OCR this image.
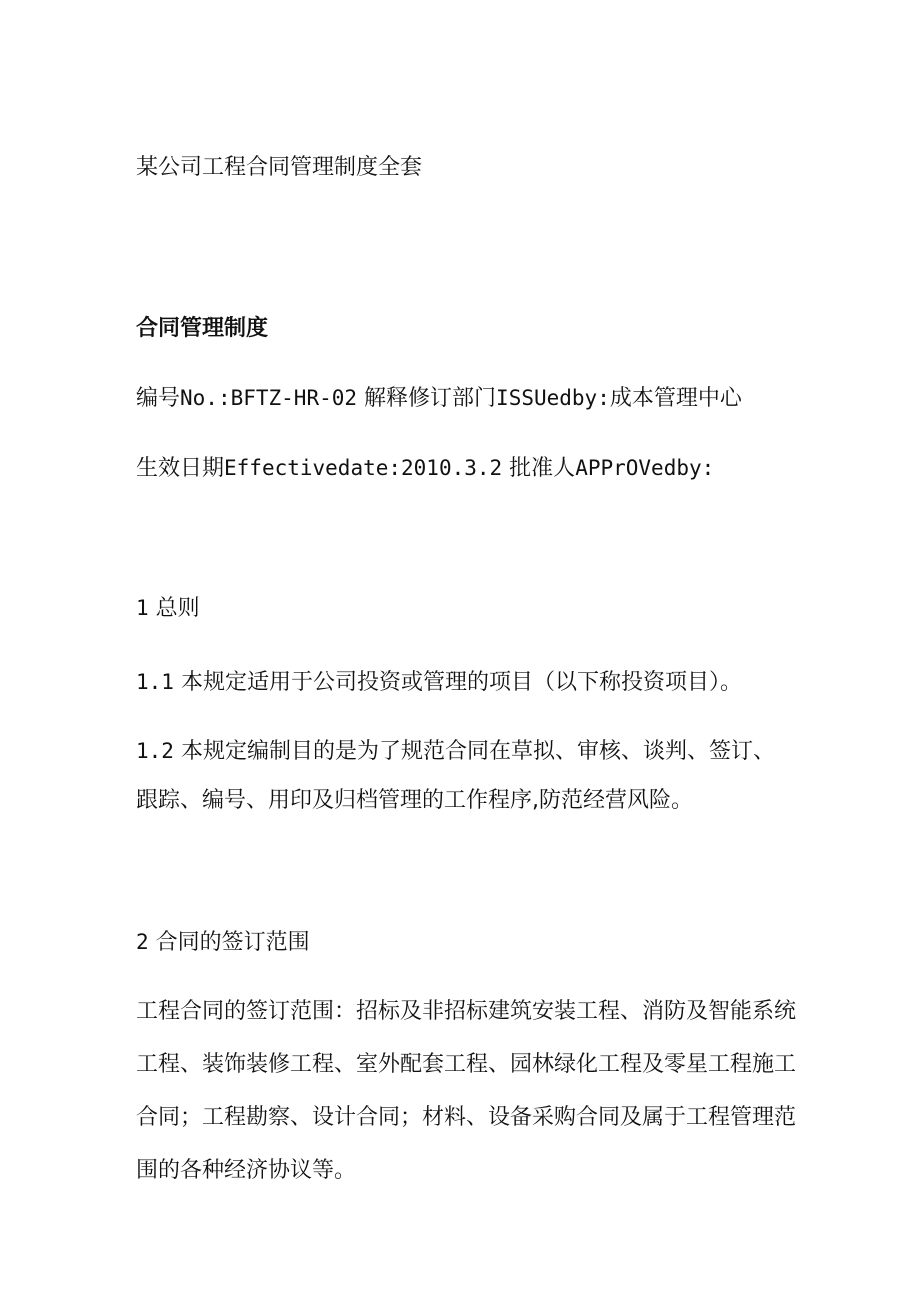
某公司工程合同管理制度全套
合同管理制度
编号No.:BFTZ-HR-02 解释修订部门ISSUedby:成本管理中心
生效日期Effectivedate:2010.3.2 批准人APPrOVedby:
1 总则
1.1 本规定适用于公司投资或管理的项目（以下称投资项目）。
1.2 本规定编制目的是为了规范合同在草拟、审核、谈判、签订、
跟踪、编号、用印及归档管理的工作程序,防范经营风险。
2 合同的签订范围
工程合同的签订范围：招标及非招标建筑安装工程、消防及智能系统
工程、装饰装修工程、室外配套工程、园林绿化工程及零星工程施工
合同；工程勘察、设计合同；材料、设备采购合同及属于工程管理范
围的各种经济协议等。
